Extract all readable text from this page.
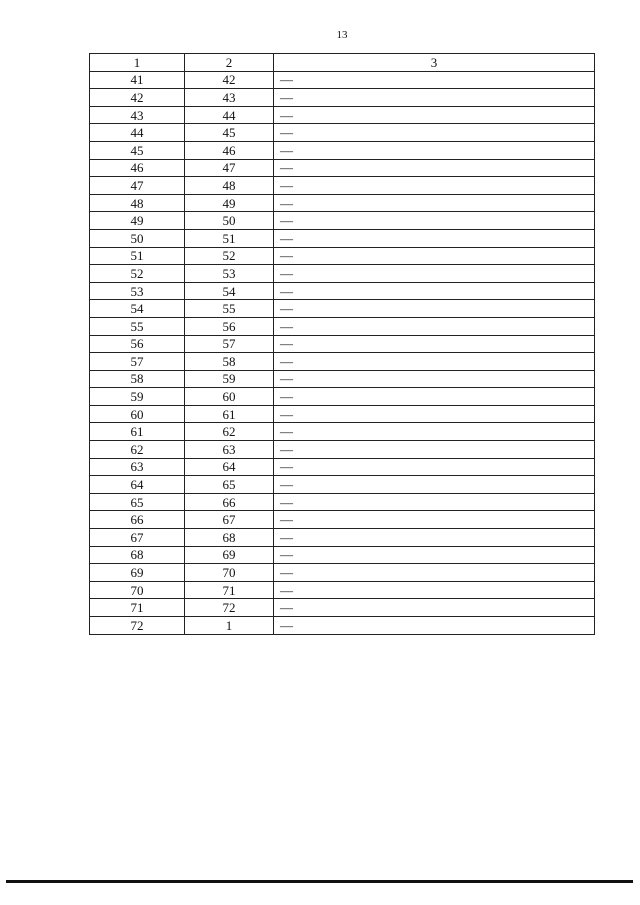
13
1	2	3
41	42	—
42	43	—
43	44	—
44	45	—
45	46	—
46	47	—
47	48	—
48	49	—
49	50	—
50	51	—
51	52	—
52	53	—
53	54	—
54	55	—
55	56	—
56	57	—
57	58	—
58	59	—
59	60	—
60	61	—
61	62	—
62	63	—
63	64	—
64	65	—
65	66	—
66	67	—
67	68	—
68	69	—
69	70	—
70	71	—
71	72	—
72	1	—
